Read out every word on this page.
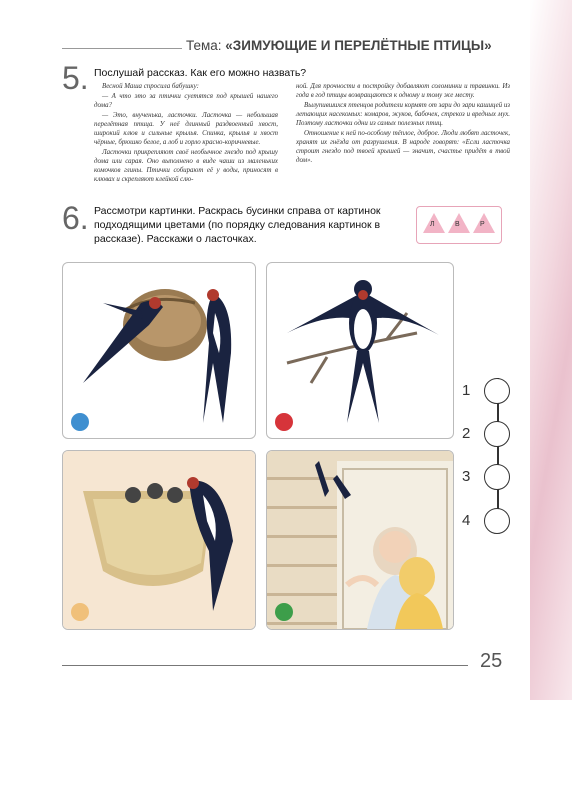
Тема: «ЗИМУЮЩИЕ И ПЕРЕЛЁТНЫЕ ПТИЦЫ»
5. Послушай рассказ. Как его можно назвать?

Весной Маша спросила бабушку:

— А что это за птички суетятся под крышей нашего дома?

— Это, внученька, ласточки. Ласточка — небольшая перелётная птица. У неё длинный раздвоенный хвост, широкий клюв и сильные крылья. Спинка, крылья и хвост чёрные, брюшко белое, а лоб и горло красно-коричневые.

Ласточки прикрепляют своё необычное гнездо под крышу дома или сарая. Оно выполнено в виде чаши из маленьких комочков глины. Птички собирают её у воды, приносят в клювах и скрепляют клейкой слю-

ной. Для прочности в постройку добавляют соломинки и травинки. Из года в год птицы возвращаются к одному и тому же месту.

Вылупившихся птенцов родители кормят от зари до зари кашицей из летающих насекомых: комаров, жуков, бабочек, стрекоз и вредных мух. Поэтому ласточки одни из самых полезных птиц.

Отношение к ней по-особому тёплое, доброе. Люди любят ласточек, хранят их гнёзда от разрушения. В народе говорят: «Если ласточка строит гнездо под твоей крышей — значит, счастье придёт в твой дом».

6. Рассмотри картинки. Раскрась бусинки справа от картинок подходящими цветами (по порядку следования картинок в рассказе). Расскажи о ласточках.
Л	В	Р
1
2
3
4
25
